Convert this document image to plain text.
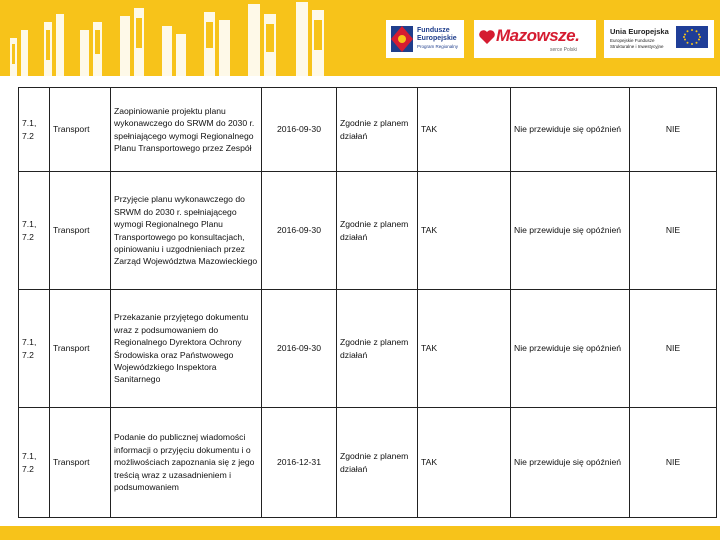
Fundusze
Europejskie
Program Regionalny
Mazowsze.
serce Polski
Unia Europejska
Europejskie Fundusze
Strukturalne i Inwestycyjne
7.1, 7.2	Transport	Zaopiniowanie projektu planu wykonawczego do SRWM do 2030 r. spełniającego wymogi Regionalnego Planu Transportowego przez Zespół	2016-09-30	Zgodnie z planem działań	TAK	Nie przewiduje się opóźnień	NIE
7.1, 7.2	Transport	Przyjęcie planu wykonawczego do SRWM do 2030 r. spełniającego wymogi Regionalnego Planu Transportowego po konsultacjach, opiniowaniu i uzgodnieniach przez Zarząd Województwa Mazowieckiego	2016-09-30	Zgodnie z planem działań	TAK	Nie przewiduje się opóźnień	NIE
7.1, 7.2	Transport	Przekazanie przyjętego dokumentu wraz z podsumowaniem do Regionalnego Dyrektora Ochrony Środowiska oraz Państwowego Wojewódzkiego Inspektora Sanitarnego	2016-09-30	Zgodnie z planem działań	TAK	Nie przewiduje się opóźnień	NIE
7.1, 7.2	Transport	Podanie do publicznej wiadomości informacji o przyjęciu dokumentu i o możliwościach zapoznania się z jego treścią wraz z uzasadnieniem i podsumowaniem	2016-12-31	Zgodnie z planem działań	TAK	Nie przewiduje się opóźnień	NIE
